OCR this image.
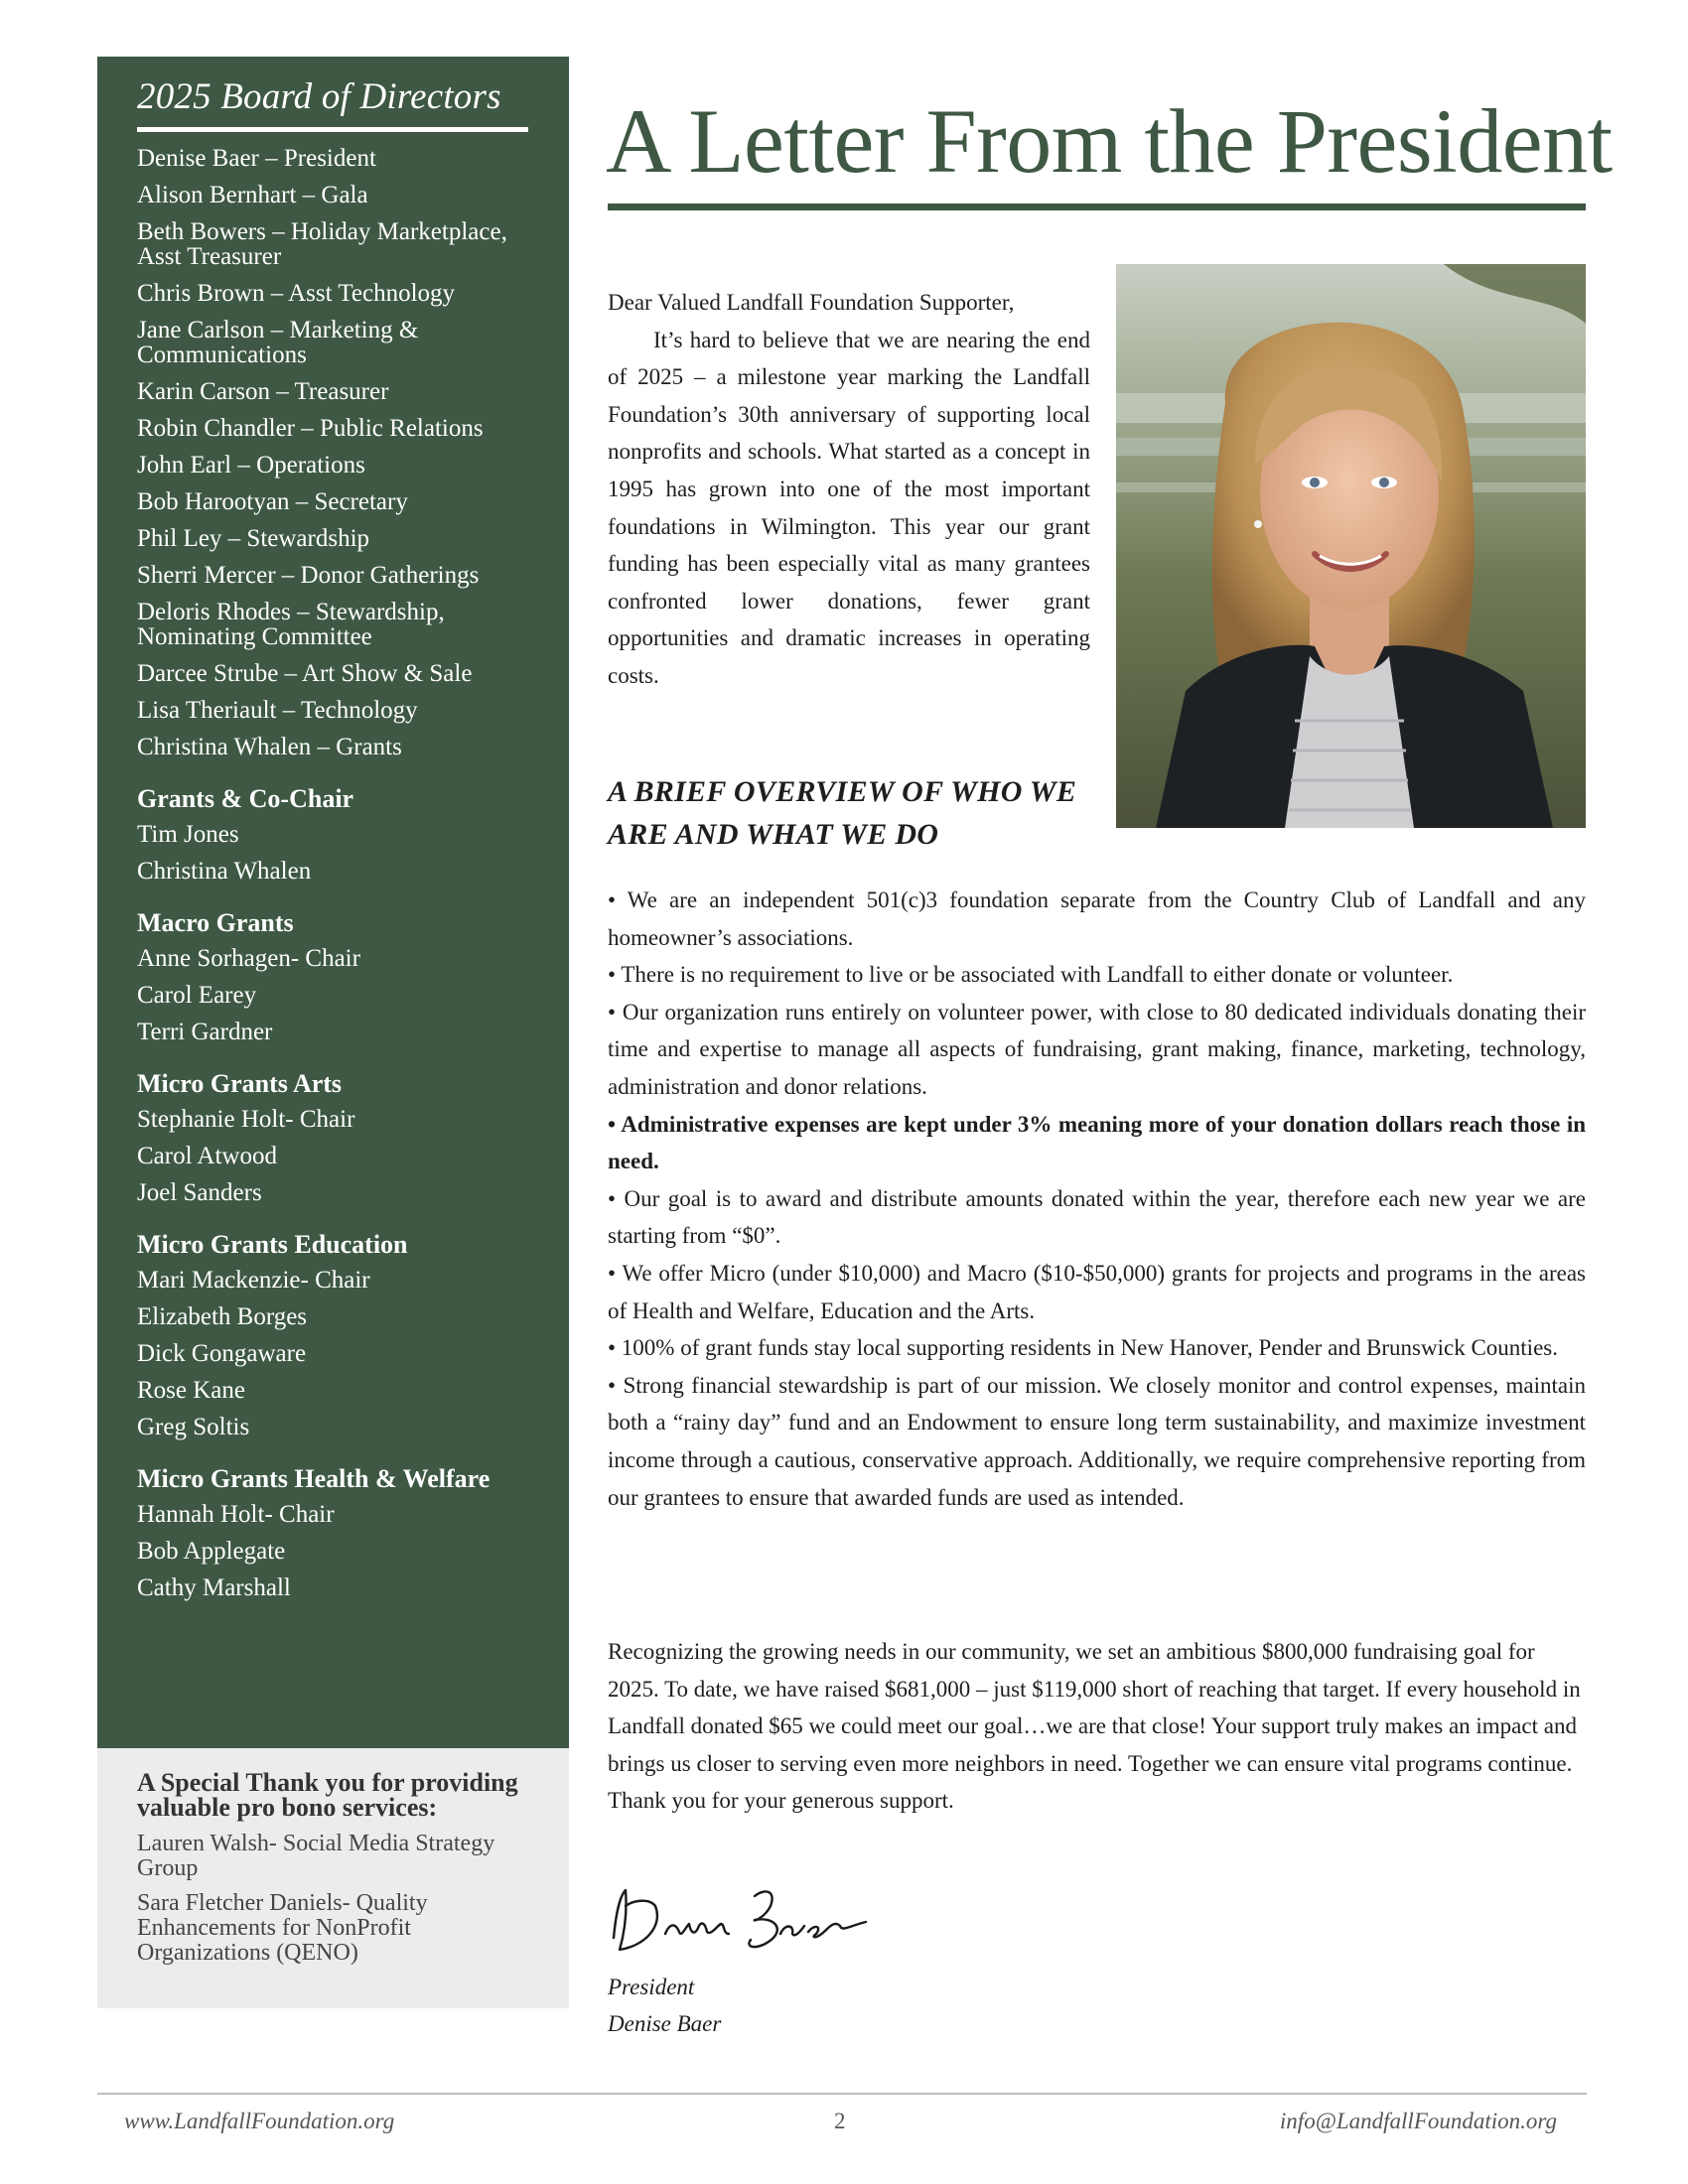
2025 Board of Directors
Denise Baer – President
Alison Bernhart – Gala
Beth Bowers – Holiday Marketplace, Asst Treasurer
Chris Brown – Asst Technology
Jane Carlson – Marketing & Communications
Karin Carson – Treasurer
Robin Chandler – Public Relations
John Earl – Operations
Bob Harootyan – Secretary
Phil Ley – Stewardship
Sherri Mercer – Donor Gatherings
Deloris Rhodes – Stewardship, Nominating Committee
Darcee Strube – Art Show & Sale
Lisa Theriault – Technology
Christina Whalen – Grants
Grants & Co-Chair
Tim Jones
Christina Whalen
Macro Grants
Anne Sorhagen- Chair
Carol Earey
Terri Gardner
Micro Grants Arts
Stephanie Holt- Chair
Carol Atwood
Joel Sanders
Micro Grants Education
Mari Mackenzie- Chair
Elizabeth Borges
Dick Gongaware
Rose Kane
Greg Soltis
Micro Grants Health & Welfare
Hannah Holt- Chair
Bob Applegate
Cathy Marshall
A Special Thank you for providing valuable pro bono services:
Lauren Walsh- Social Media Strategy Group
Sara Fletcher Daniels- Quality Enhancements for NonProfit Organizations (QENO)
A Letter From the President

Dear Valued Landfall Foundation Supporter,

It’s hard to believe that we are nearing the end of 2025 – a milestone year marking the Landfall Foundation’s 30th anniversary of supporting local nonprofits and schools. What started as a concept in 1995 has grown into one of the most important foundations in Wilmington. This year our grant funding has been especially vital as many grantees confronted lower donations, fewer grant opportunities and dramatic increases in operating costs.

A BRIEF OVERVIEW OF WHO WE ARE AND WHAT WE DO
• We are an independent 501(c)3 foundation separate from the Country Club of Landfall and any homeowner’s associations.
• There is no requirement to live or be associated with Landfall to either donate or volunteer.
• Our organization runs entirely on volunteer power, with close to 80 dedicated individuals donating their time and expertise to manage all aspects of fundraising, grant making, finance, marketing, technology, administration and donor relations.
• Administrative expenses are kept under 3% meaning more of your donation dollars reach those in need.
• Our goal is to award and distribute amounts donated within the year, therefore each new year we are starting from “$0”.
• We offer Micro (under $10,000) and Macro ($10-$50,000) grants for projects and programs in the areas of Health and Welfare, Education and the Arts.
• 100% of grant funds stay local supporting residents in New Hanover, Pender and Brunswick Counties.
• Strong financial stewardship is part of our mission. We closely monitor and control expenses, maintain both a “rainy day” fund and an Endowment to ensure long term sustainability, and maximize investment income through a cautious, conservative approach. Additionally, we require comprehensive reporting from our grantees to ensure that awarded funds are used as intended.

Recognizing the growing needs in our community, we set an ambitious $800,000 fundraising goal for 2025. To date, we have raised $681,000 – just $119,000 short of reaching that target. If every household in Landfall donated $65 we could meet our goal…we are that close! Your support truly makes an impact and brings us closer to serving even more neighbors in need. Together we can ensure vital programs continue.

Thank you for your generous support.

President
Denise Baer
www.LandfallFoundation.org	2	info@LandfallFoundation.org
